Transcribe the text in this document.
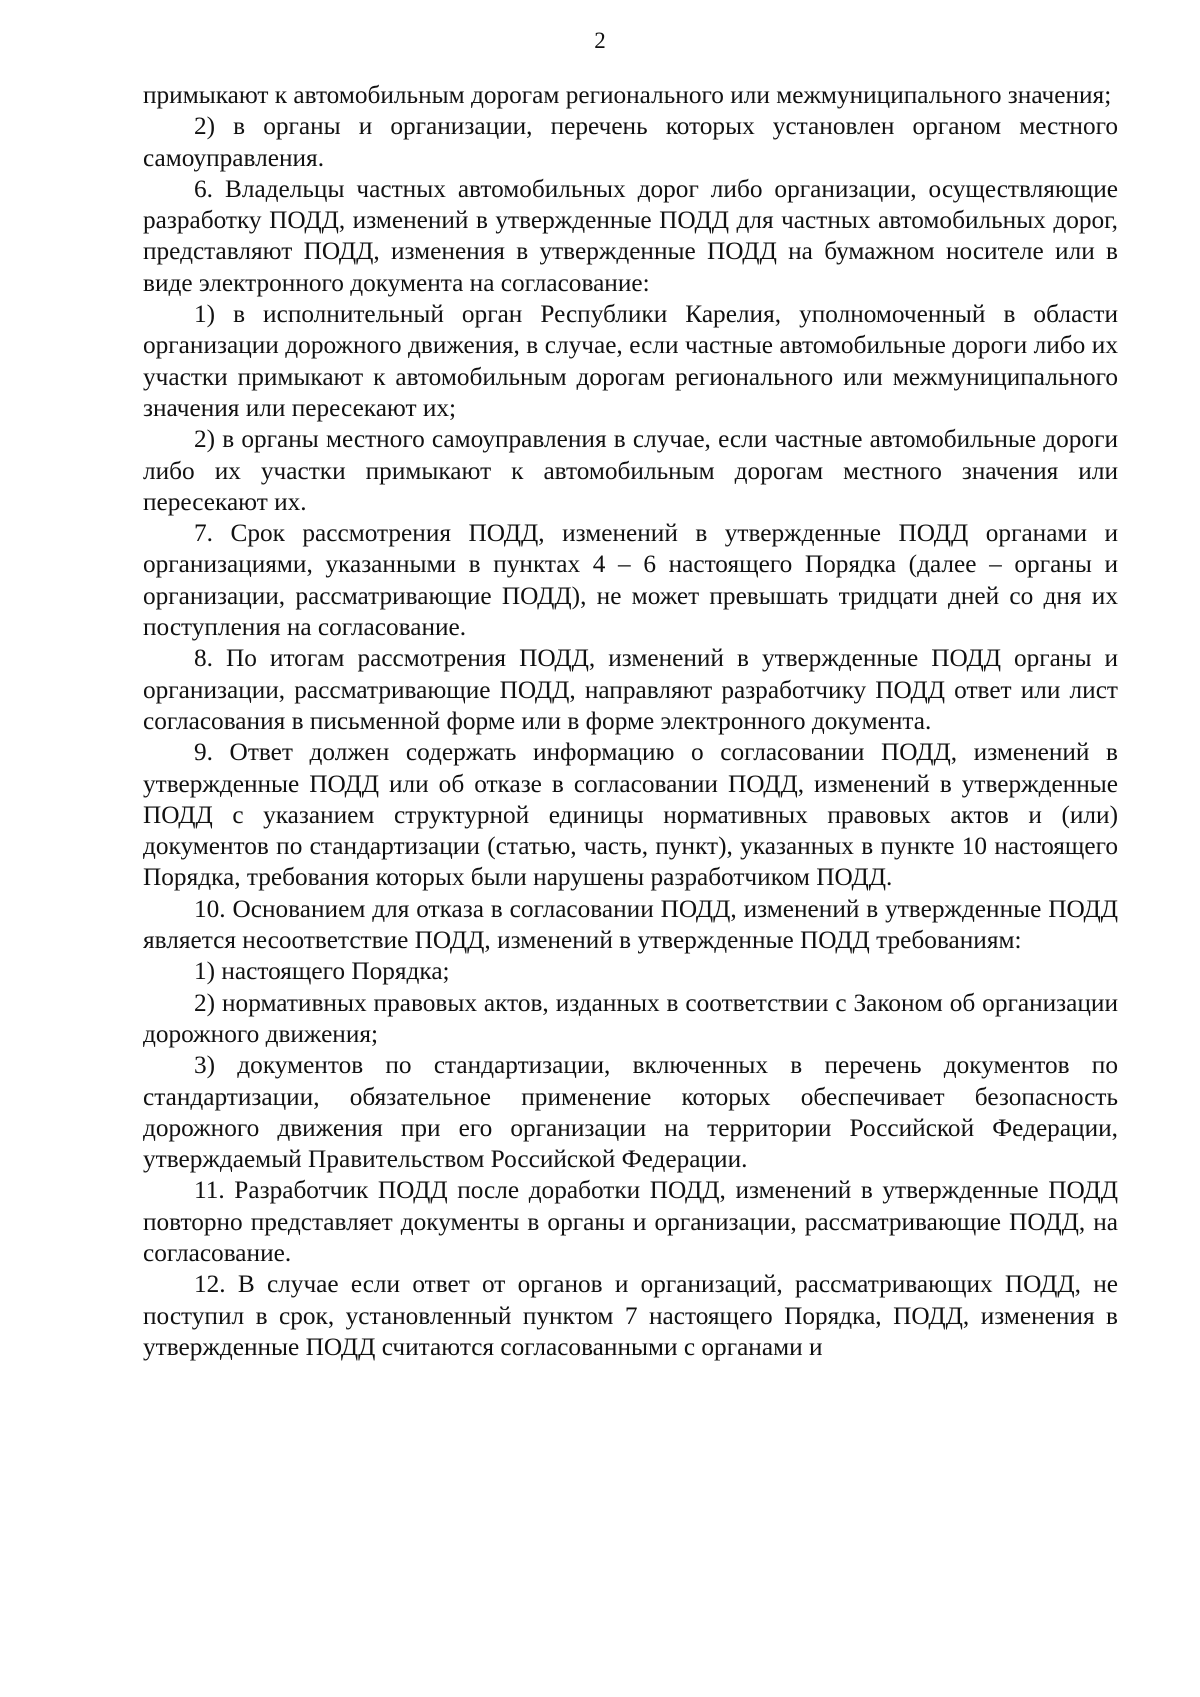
2

примыкают к автомобильным дорогам регионального или межмуниципального значения;

2) в органы и организации, перечень которых установлен органом местного самоуправления.

6. Владельцы частных автомобильных дорог либо организации, осуществляющие разработку ПОДД, изменений в утвержденные ПОДД для частных автомобильных дорог, представляют ПОДД, изменения в утвержденные ПОДД на бумажном носителе или в виде электронного документа на согласование:

1) в исполнительный орган Республики Карелия, уполномоченный в области организации дорожного движения, в случае, если частные автомобильные дороги либо их участки примыкают к автомобильным дорогам регионального или межмуниципального значения или пересекают их;

2) в органы местного самоуправления в случае, если частные автомобильные дороги либо их участки примыкают к автомобильным дорогам местного значения или пересекают их.

7. Срок рассмотрения ПОДД, изменений в утвержденные ПОДД органами и организациями, указанными в пунктах 4 – 6 настоящего Порядка (далее – органы и организации, рассматривающие ПОДД), не может превышать тридцати дней со дня их поступления на согласование.

8. По итогам рассмотрения ПОДД, изменений в утвержденные ПОДД органы и организации, рассматривающие ПОДД, направляют разработчику ПОДД ответ или лист согласования в письменной форме или в форме электронного документа.

9. Ответ должен содержать информацию о согласовании ПОДД, изменений в утвержденные ПОДД или об отказе в согласовании ПОДД, изменений в утвержденные ПОДД с указанием структурной единицы нормативных правовых актов и (или) документов по стандартизации (статью, часть, пункт), указанных в пункте 10 настоящего Порядка, требования которых были нарушены разработчиком ПОДД.

10. Основанием для отказа в согласовании ПОДД, изменений в утвержденные ПОДД является несоответствие ПОДД, изменений в утвержденные ПОДД требованиям:

1) настоящего Порядка;

2) нормативных правовых актов, изданных в соответствии с Законом об организации дорожного движения;

3) документов по стандартизации, включенных в перечень документов по стандартизации, обязательное применение которых обеспечивает безопасность дорожного движения при его организации на территории Российской Федерации, утверждаемый Правительством Российской Федерации.

11. Разработчик ПОДД после доработки ПОДД, изменений в утвержденные ПОДД повторно представляет документы в органы и организации, рассматривающие ПОДД, на согласование.

12. В случае если ответ от органов и организаций, рассматривающих ПОДД, не поступил в срок, установленный пунктом 7 настоящего Порядка, ПОДД, изменения в утвержденные ПОДД считаются согласованными с органами и
